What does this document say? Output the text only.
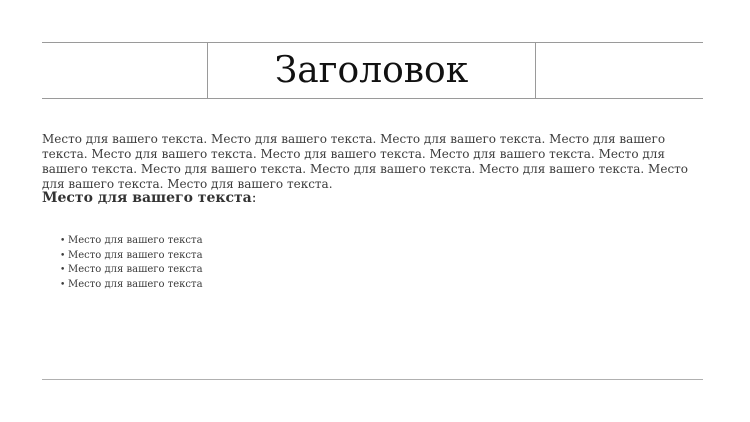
Заголовок

Место для вашего текста. Место для вашего текста. Место для вашего текста. Место для вашего текста. Место для вашего текста. Место для вашего текста. Место для вашего текста. Место для вашего текста. Место для вашего текста. Место для вашего текста. Место для вашего текста. Место для вашего текста. Место для вашего текста.

Место для вашего текста:

• Место для вашего текста
• Место для вашего текста
• Место для вашего текста
• Место для вашего текста
